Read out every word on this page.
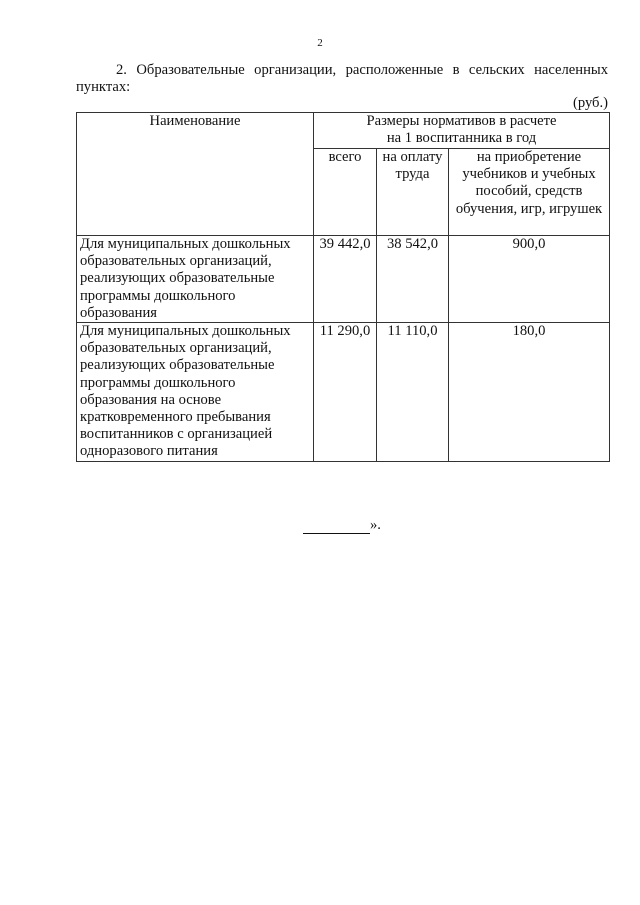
2
2. Образовательные организации, расположенные в сельских населенных пунктах:
(руб.)
Наименование	Размеры нормативов в расчете
на 1 воспитанника в год		
	всего	на оплату труда	на приобретение учебников и учебных пособий, средств обучения, игр, игрушек
Для муниципальных дошкольных образовательных организаций, реализующих образовательные программы дошкольного образования	39 442,0	38 542,0	900,0
Для муниципальных дошкольных образовательных организаций, реализующих образовательные программы дошкольного образования на основе кратковременного пребывания воспитанников с организацией одноразового питания	11 290,0	11 110,0	180,0
».
